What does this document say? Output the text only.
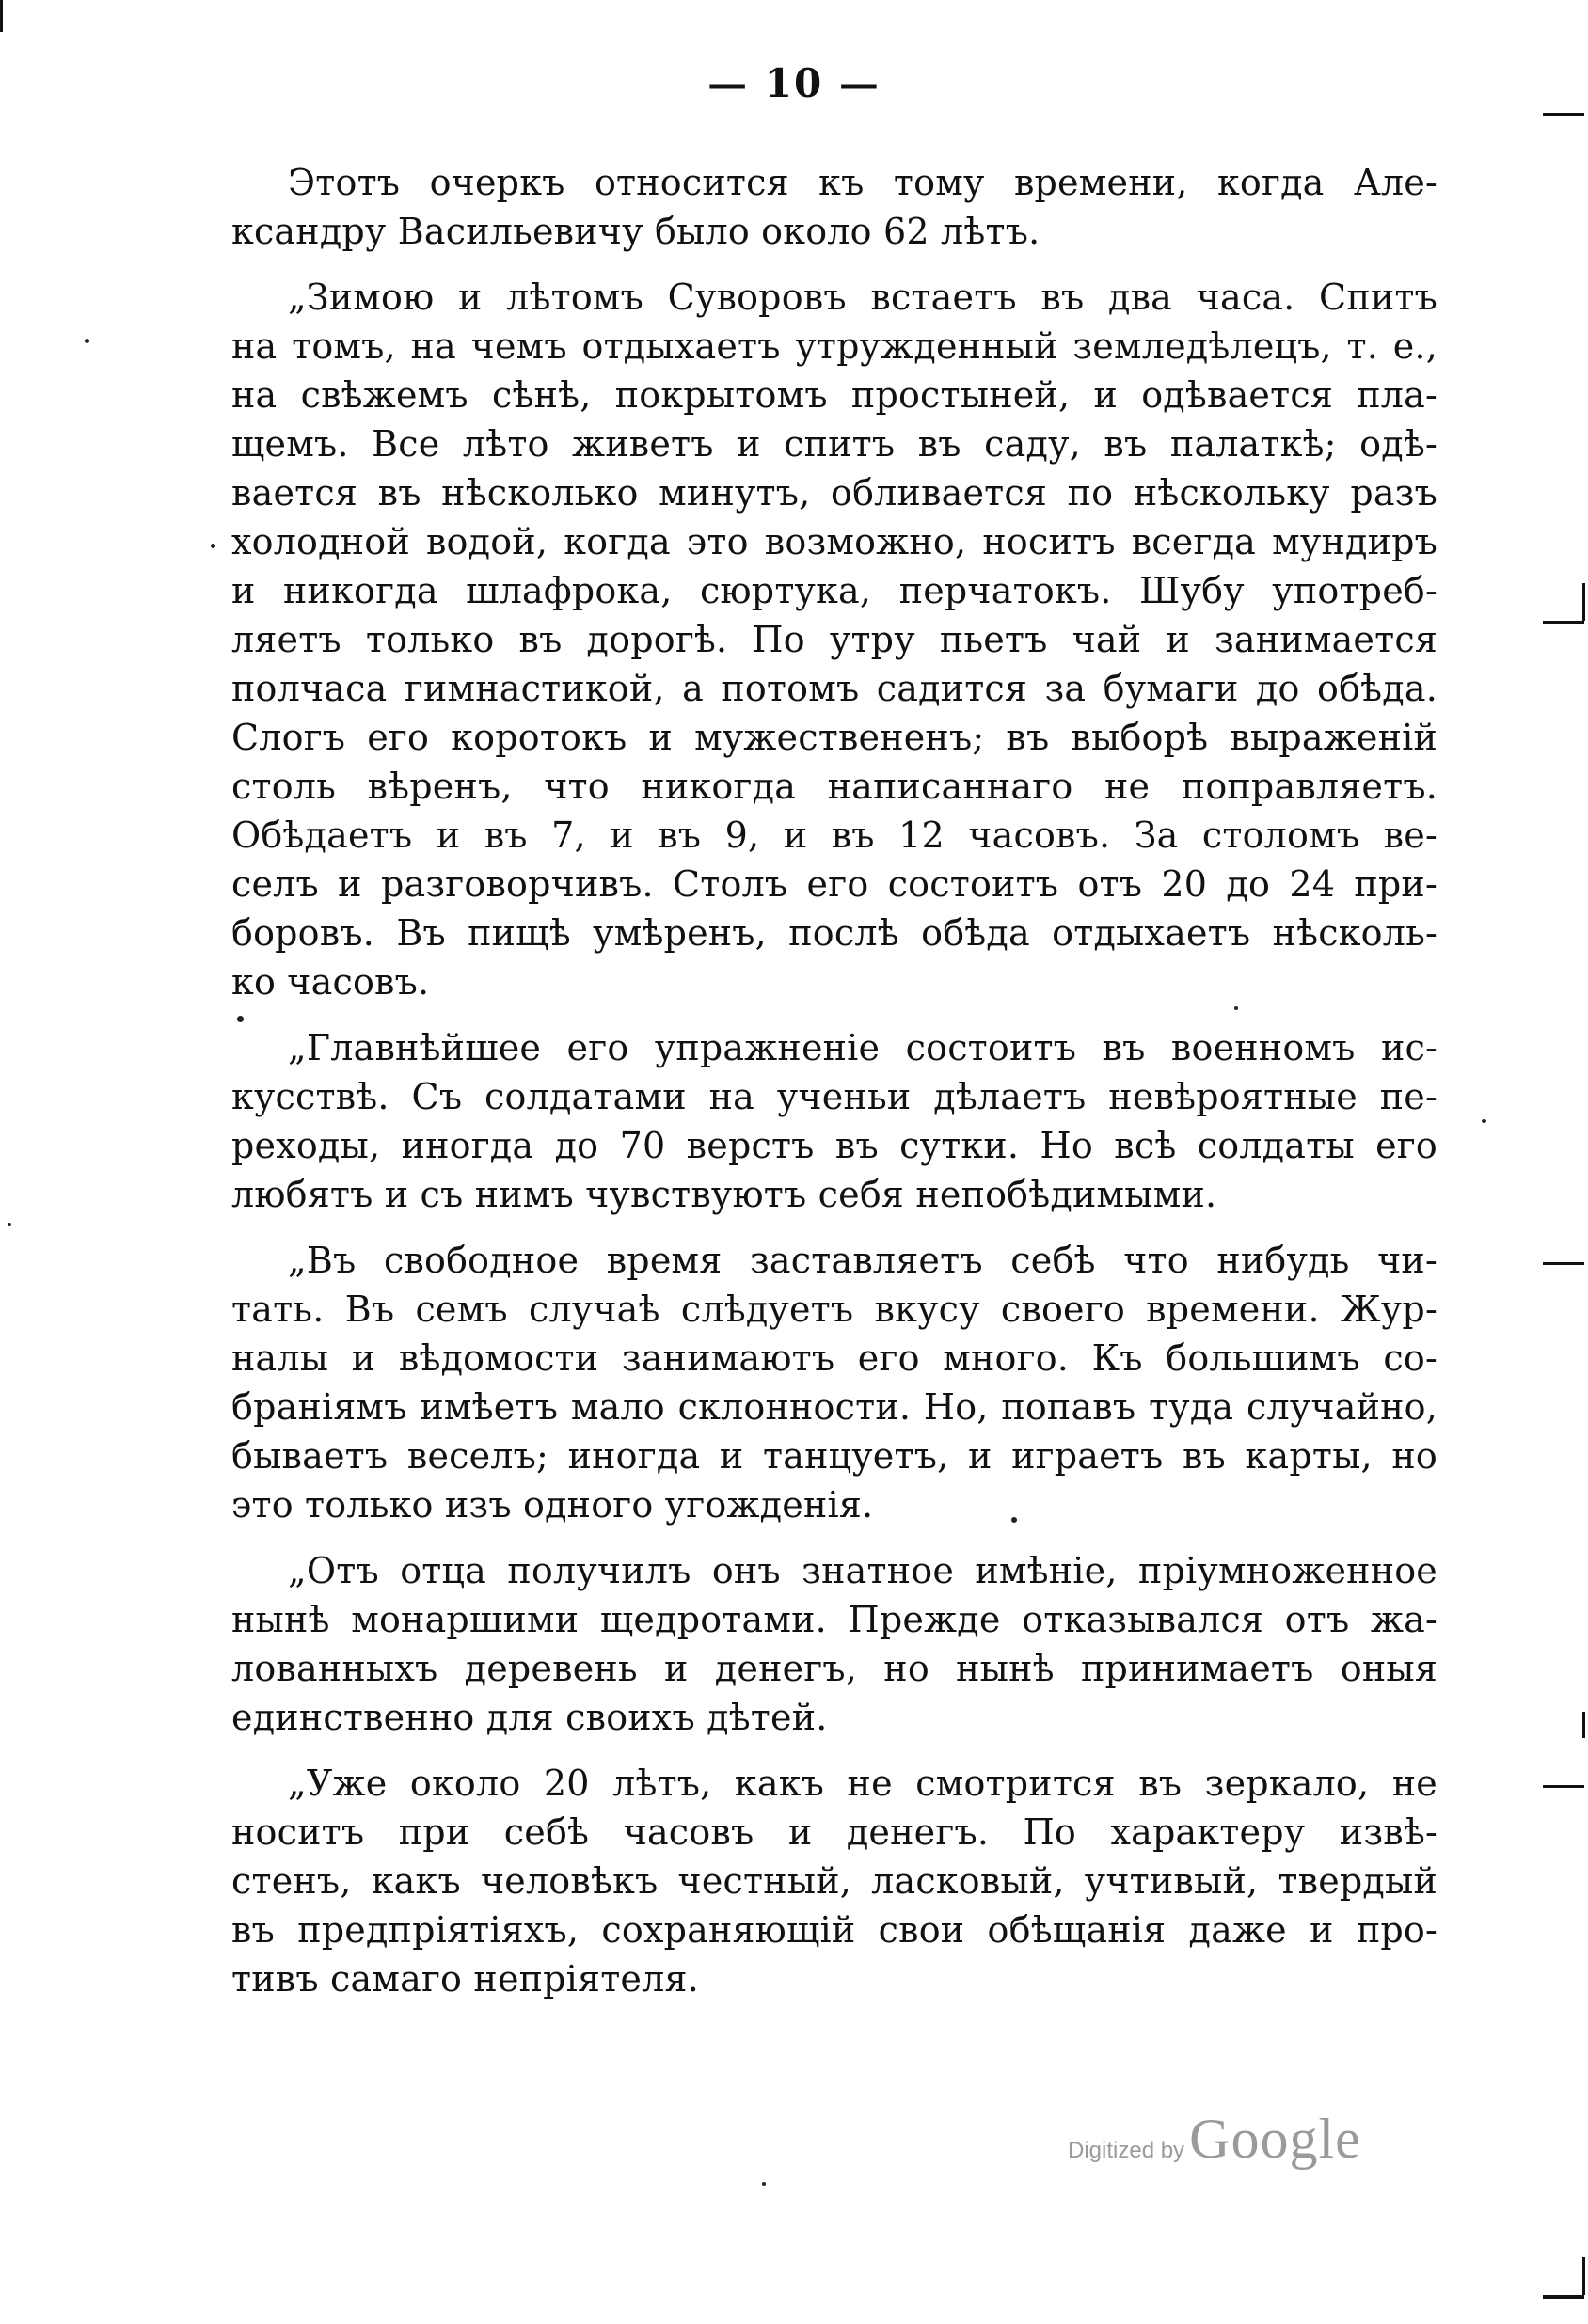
— 10 —
Этотъ очеркъ относится къ тому времени, когда Але-
ксандру Васильевичу было около 62 лѣтъ.
„Зимою и лѣтомъ Суворовъ встаетъ въ два часа. Спитъ
на томъ, на чемъ отдыхаетъ утружденный земледѣлецъ, т. е.,
на свѣжемъ сѣнѣ, покрытомъ простыней, и одѣвается пла-
щемъ. Все лѣто живетъ и спитъ въ саду, въ палаткѣ; одѣ-
вается въ нѣсколько минутъ, обливается по нѣскольку разъ
холодной водой, когда это возможно, носитъ всегда мундиръ
и никогда шлафрока, сюртука, перчатокъ. Шубу употреб-
ляетъ только въ дорогѣ. По утру пьетъ чай и занимается
полчаса гимнастикой, а потомъ садится за бумаги до обѣда.
Слогъ его коротокъ и мужествененъ; въ выборѣ выраженій
столь вѣренъ, что никогда написаннаго не поправляетъ.
Обѣдаетъ и въ 7, и въ 9, и въ 12 часовъ. За столомъ ве-
селъ и разговорчивъ. Столъ его состоитъ отъ 20 до 24 при-
боровъ. Въ пищѣ умѣренъ, послѣ обѣда отдыхаетъ нѣсколь-
ко часовъ.
„Главнѣйшее его упражненіе состоитъ въ военномъ ис-
кусствѣ. Съ солдатами на ученьи дѣлаетъ невѣроятные пе-
реходы, иногда до 70 верстъ въ сутки. Но всѣ солдаты его
любятъ и съ нимъ чувствуютъ себя непобѣдимыми.
„Въ свободное время заставляетъ себѣ что нибудь чи-
тать. Въ семъ случаѣ слѣдуетъ вкусу своего времени. Жур-
налы и вѣдомости занимаютъ его много. Къ большимъ со-
браніямъ имѣетъ мало склонности. Но, попавъ туда случайно,
бываетъ веселъ; иногда и танцуетъ, и играетъ въ карты, но
это только изъ одного угожденія.
„Отъ отца получилъ онъ знатное имѣніе, пріумноженное
нынѣ монаршими щедротами. Прежде отказывался отъ жа-
лованныхъ деревень и денегъ, но нынѣ принимаетъ оныя
единственно для своихъ дѣтей.
„Уже около 20 лѣтъ, какъ не смотрится въ зеркало, не
носитъ при себѣ часовъ и денегъ. По характеру извѣ-
стенъ, какъ человѣкъ честный, ласковый, учтивый, твердый
въ предпріятіяхъ, сохраняющій свои обѣщанія даже и про-
тивъ самаго непріятеля.
Digitized by Google
